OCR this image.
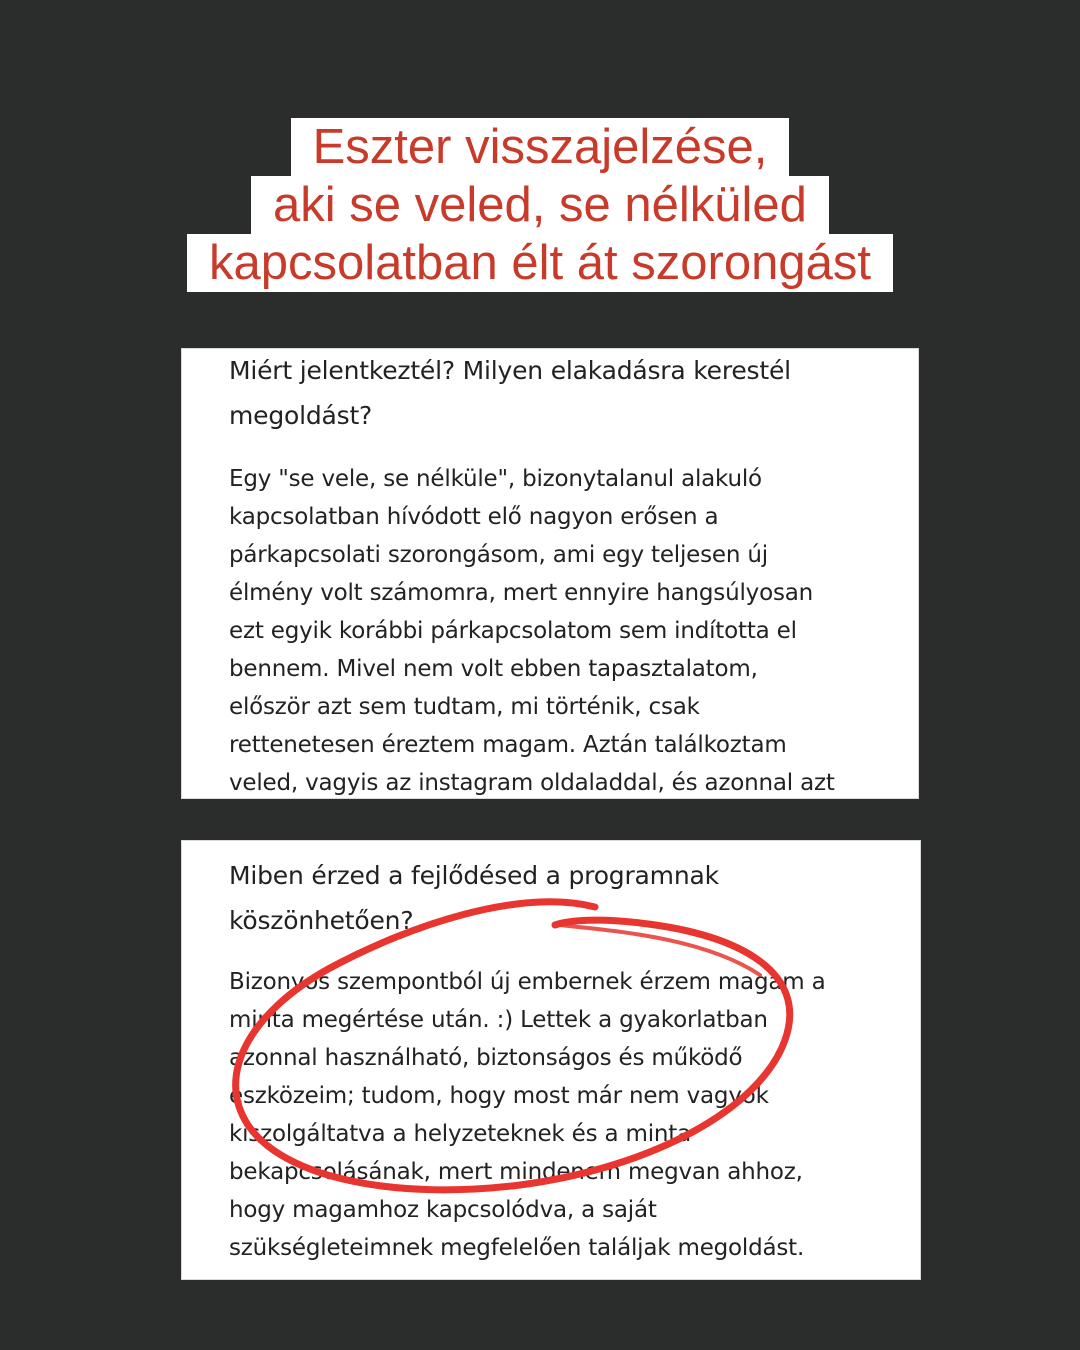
Eszter visszajelzése,
aki se veled, se nélküled
kapcsolatban élt át szorongást

Miért jelentkeztél? Milyen elakadásra kerestél
megoldást?

Egy "se vele, se nélküle", bizonytalanul alakuló
kapcsolatban hívódott elő nagyon erősen a
párkapcsolati szorongásom, ami egy teljesen új
élmény volt számomra, mert ennyire hangsúlyosan
ezt egyik korábbi párkapcsolatom sem indította el
bennem. Mivel nem volt ebben tapasztalatom,
először azt sem tudtam, mi történik, csak
rettenetesen éreztem magam. Aztán találkoztam
veled, vagyis az instagram oldaladdal, és azonnal azt

Miben érzed a fejlődésed a programnak
köszönhetően?

Bizonyos szempontból új embernek érzem magam a
minta megértése után. :) Lettek a gyakorlatban
azonnal használható, biztonságos és működő
eszközeim; tudom, hogy most már nem vagyok
kiszolgáltatva a helyzeteknek és a minta
bekapcsolásának, mert mindenem megvan ahhoz,
hogy magamhoz kapcsolódva, a saját
szükségleteimnek megfelelően találjak megoldást.
